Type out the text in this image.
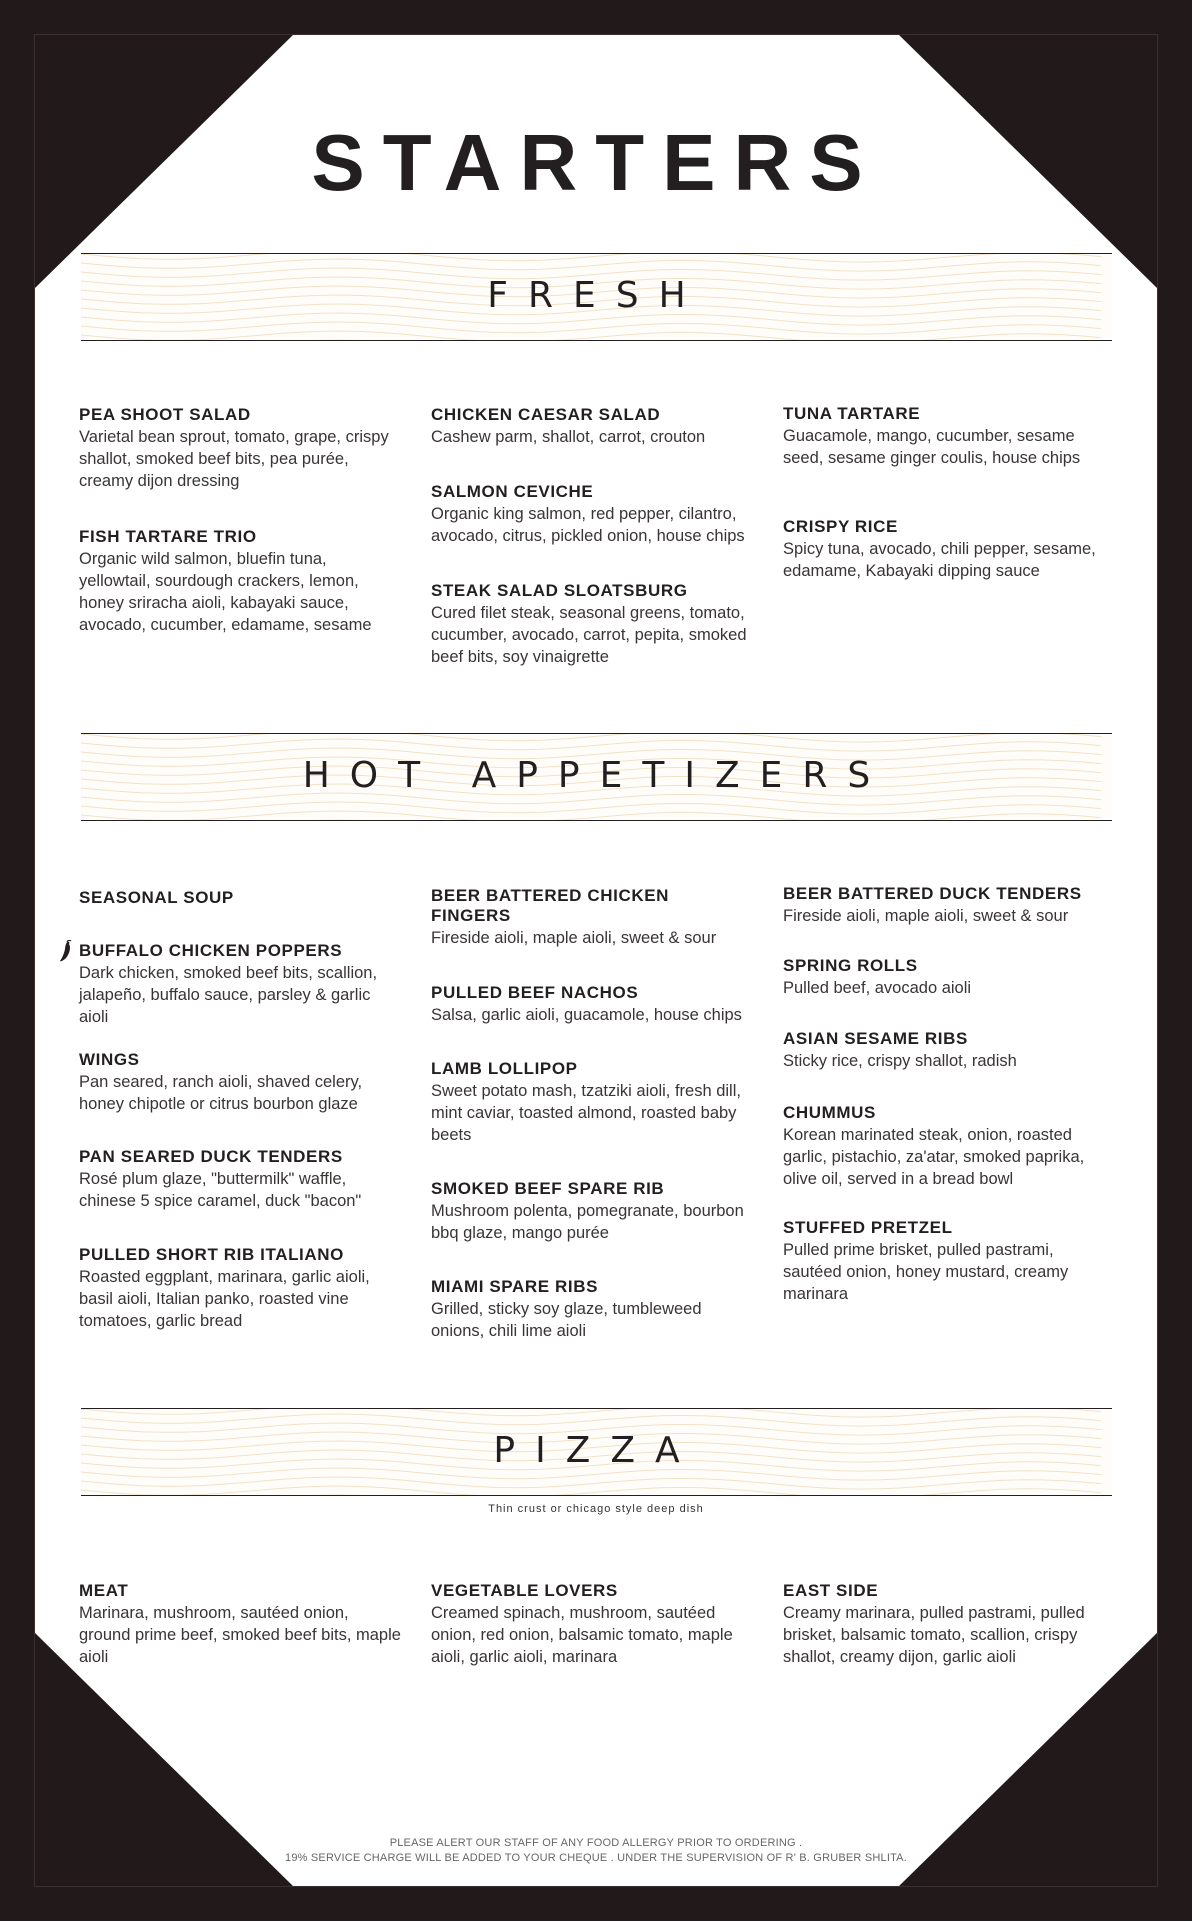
STARTERS
FRESH
PEA SHOOT SALAD
Varietal bean sprout, tomato, grape, crispy shallot, smoked beef bits, pea purée, creamy dijon dressing
FISH TARTARE TRIO
Organic wild salmon, bluefin tuna, yellowtail, sourdough crackers, lemon, honey sriracha aioli, kabayaki sauce, avocado, cucumber, edamame, sesame
CHICKEN CAESAR SALAD
Cashew parm, shallot, carrot, crouton
SALMON CEVICHE
Organic king salmon, red pepper, cilantro, avocado, citrus, pickled onion, house chips
STEAK SALAD SLOATSBURG
Cured filet steak, seasonal greens, tomato, cucumber, avocado, carrot, pepita, smoked beef bits, soy vinaigrette
TUNA TARTARE
Guacamole, mango, cucumber, sesame seed, sesame ginger coulis, house chips
CRISPY RICE
Spicy tuna, avocado, chili pepper, sesame, edamame, Kabayaki dipping sauce
HOT APPETIZERS
SEASONAL SOUP
BUFFALO CHICKEN POPPERS
Dark chicken, smoked beef bits, scallion, jalapeño, buffalo sauce, parsley & garlic aioli
WINGS
Pan seared, ranch aioli, shaved celery, honey chipotle or citrus bourbon glaze
PAN SEARED DUCK TENDERS
Rosé plum glaze, "buttermilk" waffle, chinese 5 spice caramel, duck "bacon"
PULLED SHORT RIB ITALIANO
Roasted eggplant, marinara, garlic aioli, basil aioli, Italian panko, roasted vine tomatoes, garlic bread
BEER BATTERED CHICKEN FINGERS
Fireside aioli, maple aioli, sweet & sour
PULLED BEEF NACHOS
Salsa, garlic aioli, guacamole, house chips
LAMB LOLLIPOP
Sweet potato mash, tzatziki aioli, fresh dill, mint caviar, toasted almond, roasted baby beets
SMOKED BEEF SPARE RIB
Mushroom polenta, pomegranate, bourbon bbq glaze, mango purée
MIAMI SPARE RIBS
Grilled, sticky soy glaze, tumbleweed onions, chili lime aioli
BEER BATTERED DUCK TENDERS
Fireside aioli, maple aioli, sweet & sour
SPRING ROLLS
Pulled beef, avocado aioli
ASIAN SESAME RIBS
Sticky rice, crispy shallot, radish
CHUMMUS
Korean marinated steak, onion, roasted garlic, pistachio, za'atar, smoked paprika, olive oil, served in a bread bowl
STUFFED PRETZEL
Pulled prime brisket, pulled pastrami, sautéed onion, honey mustard, creamy marinara
PIZZA
Thin crust or chicago style deep dish
MEAT
Marinara, mushroom, sautéed onion, ground prime beef, smoked beef bits, maple aioli
VEGETABLE LOVERS
Creamed spinach, mushroom, sautéed onion, red onion, balsamic tomato, maple aioli, garlic aioli, marinara
EAST SIDE
Creamy marinara, pulled pastrami, pulled brisket, balsamic tomato, scallion, crispy shallot, creamy dijon, garlic aioli
PLEASE ALERT OUR STAFF OF ANY FOOD ALLERGY PRIOR TO ORDERING .
19% SERVICE CHARGE WILL BE ADDED TO YOUR CHEQUE . UNDER THE SUPERVISION OF R' B. GRUBER SHLITA.
